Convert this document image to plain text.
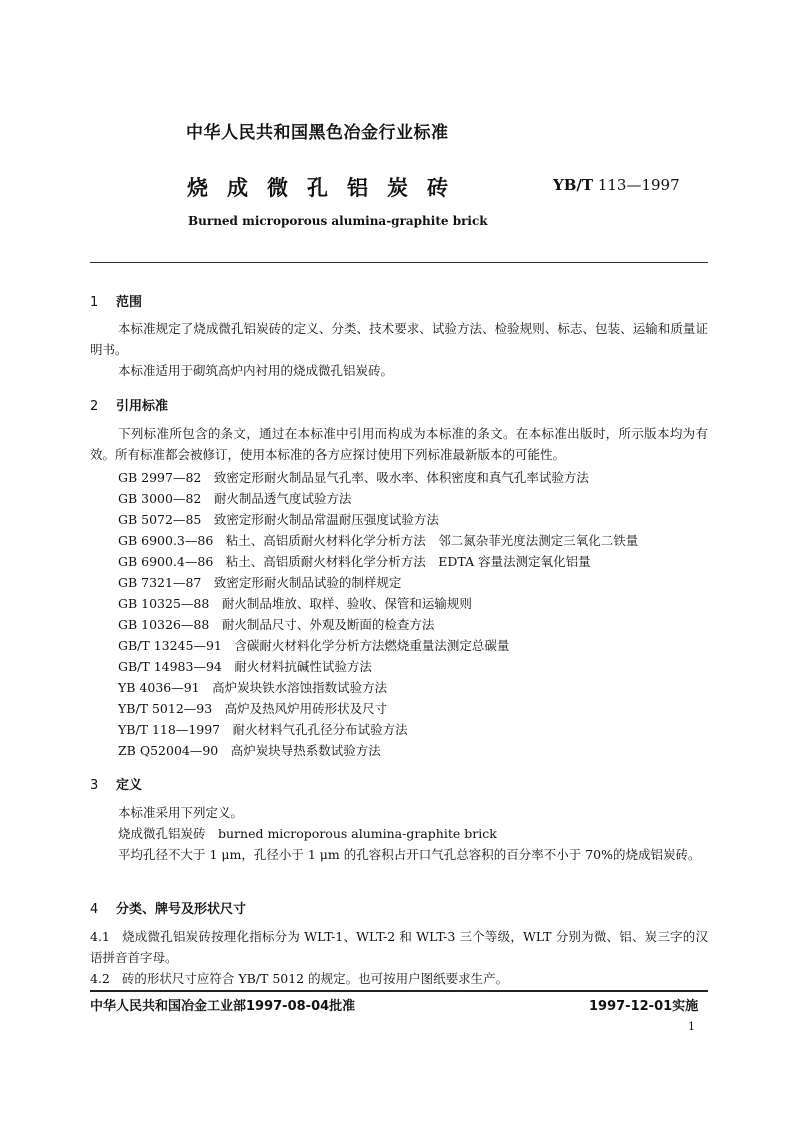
中华人民共和国黑色冶金行业标准
烧成微孔铝炭砖	YB/T 113—1997
Burned microporous alumina-graphite brick
1 范围
本标准规定了烧成微孔铝炭砖的定义、分类、技术要求、试验方法、检验规则、标志、包装、运输和质量证明书。
本标准适用于砌筑高炉内衬用的烧成微孔铝炭砖。
2 引用标准
下列标准所包含的条文，通过在本标准中引用而构成为本标准的条文。在本标准出版时，所示版本均为有效。所有标准都会被修订，使用本标准的各方应探讨使用下列标准最新版本的可能性。
GB 2997—82　致密定形耐火制品显气孔率、吸水率、体积密度和真气孔率试验方法
GB 3000—82　耐火制品透气度试验方法
GB 5072—85　致密定形耐火制品常温耐压强度试验方法
GB 6900.3—86　粘土、高铝质耐火材料化学分析方法　邻二氮杂菲光度法测定三氧化二铁量
GB 6900.4—86　粘土、高铝质耐火材料化学分析方法　EDTA 容量法测定氧化铝量
GB 7321—87　致密定形耐火制品试验的制样规定
GB 10325—88　耐火制品堆放、取样、验收、保管和运输规则
GB 10326—88　耐火制品尺寸、外观及断面的检查方法
GB/T 13245—91　含碳耐火材料化学分析方法燃烧重量法测定总碳量
GB/T 14983—94　耐火材料抗碱性试验方法
YB 4036—91　高炉炭块铁水溶蚀指数试验方法
YB/T 5012—93　高炉及热风炉用砖形状及尺寸
YB/T 118—1997　耐火材料气孔孔径分布试验方法
ZB Q52004—90　高炉炭块导热系数试验方法
3 定义
本标准采用下列定义。
烧成微孔铝炭砖　burned microporous alumina-graphite brick
平均孔径不大于 1 μm，孔径小于 1 μm 的孔容积占开口气孔总容积的百分率不小于 70%的烧成铝炭砖。
4 分类、牌号及形状尺寸
4.1 烧成微孔铝炭砖按理化指标分为 WLT-1、WLT-2 和 WLT-3 三个等级，WLT 分别为微、铝、炭三字的汉语拼音首字母。
4.2 砖的形状尺寸应符合 YB/T 5012 的规定。也可按用户图纸要求生产。
中华人民共和国冶金工业部1997-08-04批准	1997-12-01实施
1
